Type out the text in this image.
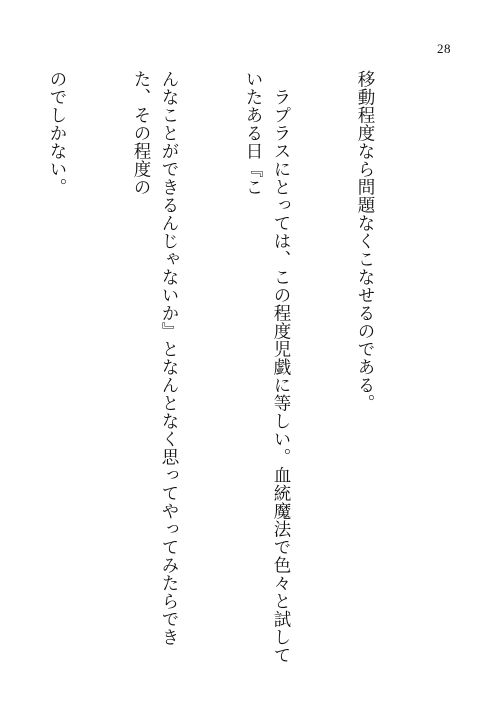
28

移動程度なら問題なくこなせるのである。

　ラプラスにとっては、この程度児戯に等しい。血統魔法で色々と試していたある日『こ

んなことができるんじゃないか』となんとなく思ってやってみたらできた、その程度の

のでしかない。
